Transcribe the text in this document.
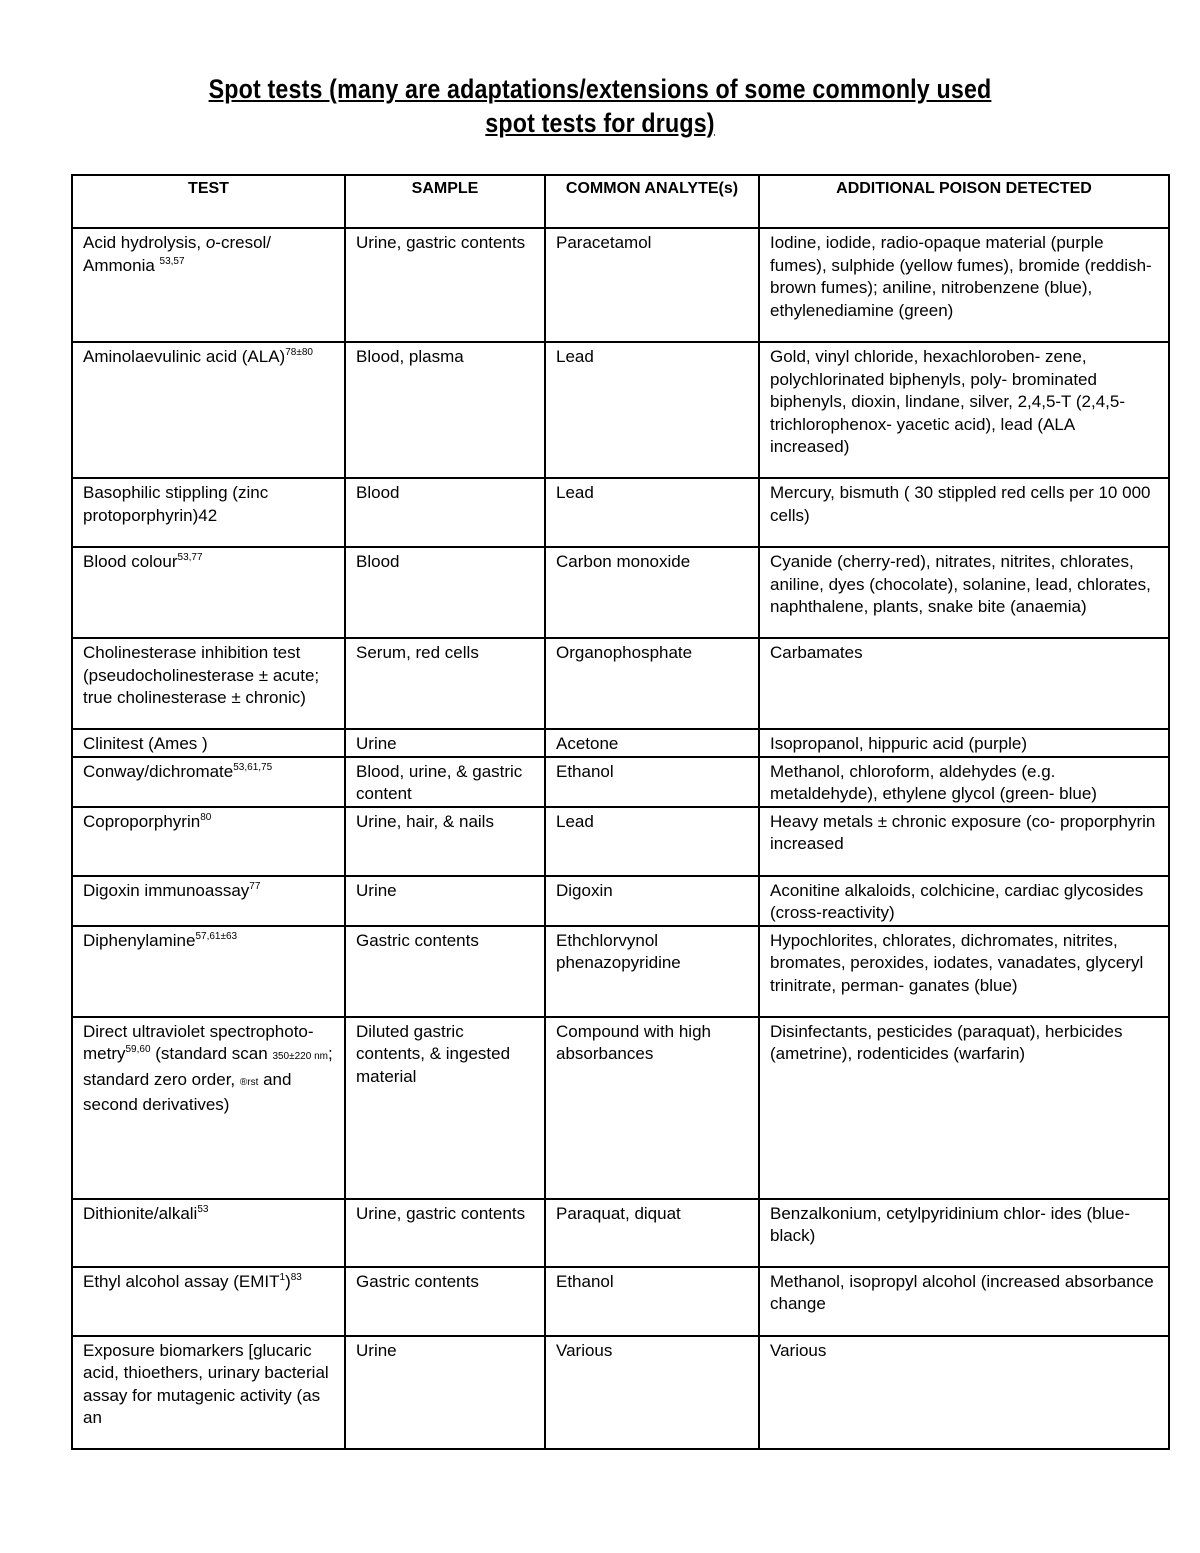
Spot tests (many are adaptations/extensions of some commonly used
spot tests for drugs)
TEST	SAMPLE	COMMON ANALYTE(s)	ADDITIONAL POISON DETECTED
Acid hydrolysis, o-cresol/ Ammonia $^{53,57}$	Urine, gastric contents	Paracetamol	Iodine, iodide, radio-opaque material (purple fumes), sulphide (yellow fumes), bromide (reddish-brown fumes); aniline, nitrobenzene (blue), ethylenediamine (green)
Aminolaevulinic acid (ALA)$^{78\pm 80}$	Blood, plasma	Lead	Gold, vinyl chloride, hexachloroben- zene, polychlorinated biphenyls, poly- brominated biphenyls, dioxin, lindane, silver, 2,4,5-T (2,4,5-trichlorophenox- yacetic acid), lead (ALA increased)
Basophilic stippling (zinc protoporphyrin)42	Blood	Lead	Mercury, bismuth ( 30 stippled red cells per 10 000 cells)
Blood colour$^{53,77}$	Blood	Carbon monoxide	Cyanide (cherry-red), nitrates, nitrites, chlorates, aniline, dyes (chocolate), solanine, lead, chlorates, naphthalene, plants, snake bite (anaemia)
Cholinesterase inhibition test (pseudocholinesterase ± acute; true cholinesterase ± chronic)	Serum, red cells	Organophosphate	Carbamates
Clinitest (Ames )	Urine	Acetone	Isopropanol, hippuric acid (purple)
Conway/dichromate$^{53,61,75}$	Blood, urine, & gastric content	Ethanol	Methanol, chloroform, aldehydes (e.g. metaldehyde), ethylene glycol (green- blue)
Coproporphyrin$^{80}$	Urine, hair, & nails	Lead	Heavy metals ± chronic exposure (co- proporphyrin increased
Digoxin immunoassay$^{77}$	Urine	Digoxin	Aconitine alkaloids, colchicine, cardiac glycosides (cross-reactivity)
Diphenylamine$^{57,61\pm 63}$	Gastric contents	Ethchlorvynol phenazopyridine	Hypochlorites, chlorates, dichromates, nitrites, bromates, peroxides, iodates, vanadates, glyceryl trinitrate, perman- ganates (blue)
Direct ultraviolet spectrophoto- metry$^{59,60}$ (standard scan 350±220 nm; standard zero order, ®rst and second derivatives)	Diluted gastric contents, & ingested material	Compound with high absorbances	Disinfectants, pesticides (paraquat), herbicides (ametrine), rodenticides (warfarin)
Dithionite/alkali$^{53}$	Urine, gastric contents	Paraquat, diquat	Benzalkonium, cetylpyridinium chlor- ides (blue-black)
Ethyl alcohol assay (EMIT$^1$)$^{83}$	Gastric contents	Ethanol	Methanol, isopropyl alcohol (increased absorbance change
Exposure biomarkers [glucaric acid, thioethers, urinary bacterial assay for mutagenic activity (as an	Urine	Various	Various
